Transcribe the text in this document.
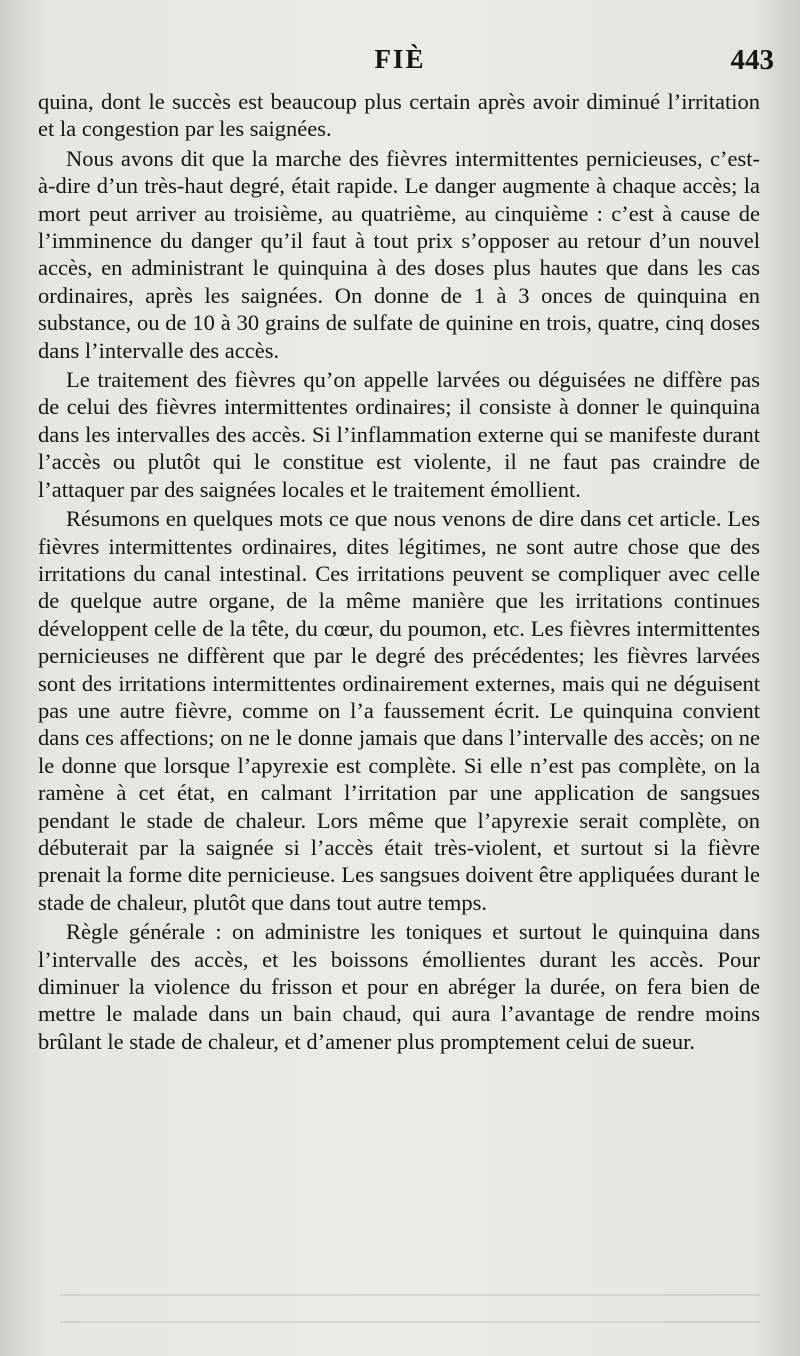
FIÈ	443

quina, dont le succès est beaucoup plus certain après avoir diminué l’irritation et la congestion par les saignées.

Nous avons dit que la marche des fièvres intermittentes pernicieuses, c’est-à-dire d’un très-haut degré, était rapide. Le danger augmente à chaque accès; la mort peut arriver au troisième, au quatrième, au cinquième : c’est à cause de l’imminence du danger qu’il faut à tout prix s’opposer au retour d’un nouvel accès, en administrant le quinquina à des doses plus hautes que dans les cas ordinaires, après les saignées. On donne de 1 à 3 onces de quinquina en substance, ou de 10 à 30 grains de sulfate de quinine en trois, quatre, cinq doses dans l’intervalle des accès.

Le traitement des fièvres qu’on appelle larvées ou déguisées ne diffère pas de celui des fièvres intermittentes ordinaires; il consiste à donner le quinquina dans les intervalles des accès. Si l’inflammation externe qui se manifeste durant l’accès ou plutôt qui le constitue est violente, il ne faut pas craindre de l’attaquer par des saignées locales et le traitement émollient.

Résumons en quelques mots ce que nous venons de dire dans cet article. Les fièvres intermittentes ordinaires, dites légitimes, ne sont autre chose que des irritations du canal intestinal. Ces irritations peuvent se compliquer avec celle de quelque autre organe, de la même manière que les irritations continues développent celle de la tête, du cœur, du poumon, etc. Les fièvres intermittentes pernicieuses ne diffèrent que par le degré des précédentes; les fièvres larvées sont des irritations intermittentes ordinairement externes, mais qui ne déguisent pas une autre fièvre, comme on l’a faussement écrit. Le quinquina convient dans ces affections; on ne le donne jamais que dans l’intervalle des accès; on ne le donne que lorsque l’apyrexie est complète. Si elle n’est pas complète, on la ramène à cet état, en calmant l’irritation par une application de sangsues pendant le stade de chaleur. Lors même que l’apyrexie serait complète, on débuterait par la saignée si l’accès était très-violent, et surtout si la fièvre prenait la forme dite pernicieuse. Les sangsues doivent être appliquées durant le stade de chaleur, plutôt que dans tout autre temps.

Règle générale : on administre les toniques et surtout le quinquina dans l’intervalle des accès, et les boissons émollientes durant les accès. Pour diminuer la violence du frisson et pour en abréger la durée, on fera bien de mettre le malade dans un bain chaud, qui aura l’avantage de rendre moins brûlant le stade de chaleur, et d’amener plus promptement celui de sueur.
